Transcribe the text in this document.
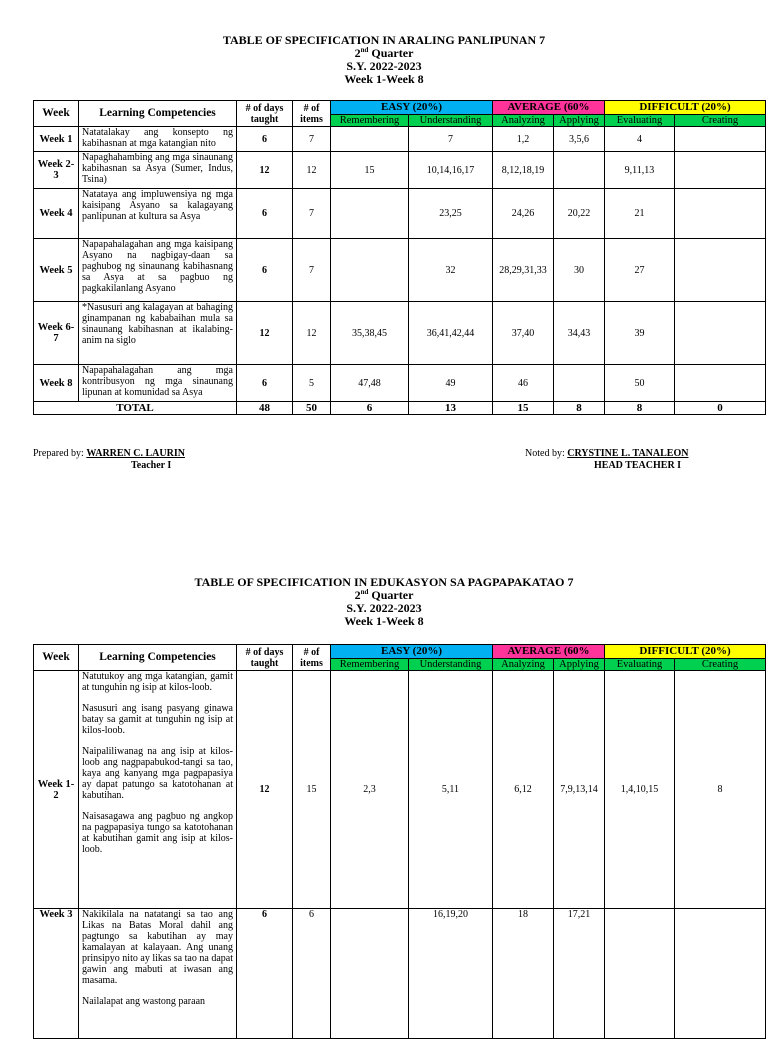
TABLE OF SPECIFICATION IN ARALING PANLIPUNAN 7
2nd Quarter
S.Y. 2022-2023
Week 1-Week 8
Week	Learning Competencies	# of days taught	# of items	EASY (20%)		AVERAGE (60%		DIFFICULT (20%)	
				Remembering	Understanding	Analyzing	Applying	Evaluating	Creating
Week 1	Natatalakay ang konsepto ng kabihasnan at mga katangian nito	6	7		7	1,2	3,5,6	4	
Week 2-3	Napaghahambing ang mga sinaunang kabihasnan sa Asya (Sumer, Indus, Tsina)	12	12	15	10,14,16,17	8,12,18,19		9,11,13	
Week 4	Natataya ang impluwensiya ng mga kaisipang Asyano sa kalagayang panlipunan at kultura sa Asya	6	7		23,25	24,26	20,22	21	
Week 5	Napapahalagahan ang mga kaisipang Asyano na nagbigay-daan sa paghubog ng sinaunang kabihasnang sa Asya at sa pagbuo ng pagkakilanlang Asyano	6	7		32	28,29,31,33	30	27	
Week 6-7	*Nasusuri ang kalagayan at bahaging ginampanan ng kababaihan mula sa sinaunang kabihasnan at ikalabing-anim na siglo	12	12	35,38,45	36,41,42,44	37,40	34,43	39	
Week 8	Napapahalagahan ang mga kontribusyon ng mga sinaunang lipunan at komunidad sa Asya	6	5	47,48	49	46		50	
TOTAL		48	50	6	13	15	8	8	0
Prepared by: WARREN C. LAURIN
Teacher I
Noted by: CRYSTINE L. TANALEON
HEAD TEACHER I
TABLE OF SPECIFICATION IN EDUKASYON SA PAGPAPAKATAO 7
2nd Quarter
S.Y. 2022-2023
Week 1-Week 8
Week	Learning Competencies	# of days taught	# of items	EASY (20%)		AVERAGE (60%		DIFFICULT (20%)	
				Remembering	Understanding	Analyzing	Applying	Evaluating	Creating
Week 1-2	Natutukoy ang mga katangian, gamit at tunguhin ng isip at kilos-loob.
Nasusuri ang isang pasyang ginawa batay sa gamit at tunguhin ng isip at kilos-loob.
Naipaliliwanag na ang isip at kilos- loob ang nagpapabukod-tangi sa tao, kaya ang kanyang mga pagpapasiya ay dapat patungo sa katotohanan at kabutihan.
Naisasagawa ang pagbuo ng angkop na pagpapasiya tungo sa katotohanan at kabutihan gamit ang isip at kilos-loob.	12	15	2,3	5,11	6,12	7,9,13,14	1,4,10,15	8
Week 3	Nakikilala na natatangi sa tao ang Likas na Batas Moral dahil ang pagtungo sa kabutihan ay may kamalayan at kalayaan. Ang unang prinsipyo nito ay likas sa tao na dapat gawin ang mabuti at iwasan ang masama.
Nailalapat ang wastong paraan	6	6		16,19,20	18	17,21		
